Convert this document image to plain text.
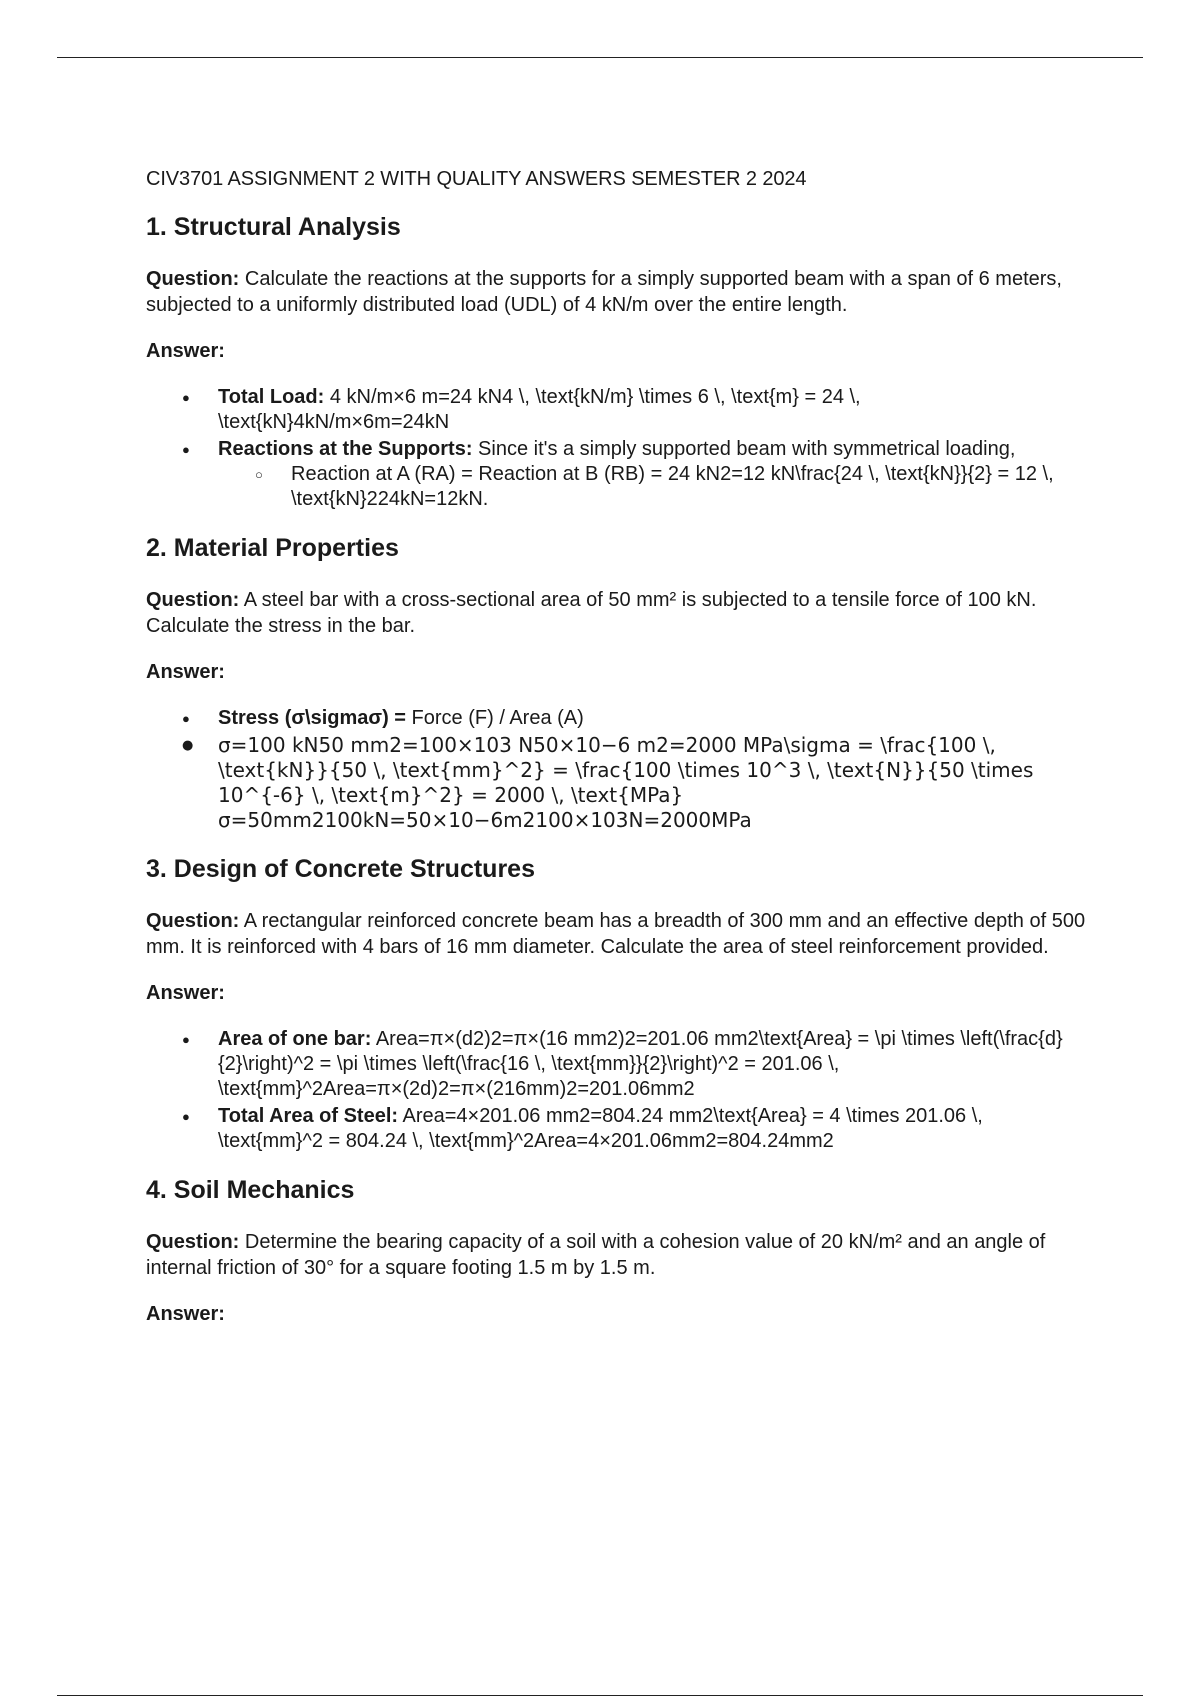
CIV3701 ASSIGNMENT 2 WITH QUALITY ANSWERS SEMESTER 2 2024
1. Structural Analysis

Question: Calculate the reactions at the supports for a simply supported beam with a span of 6 meters, subjected to a uniformly distributed load (UDL) of 4 kN/m over the entire length.

Answer:
● Total Load: 4 kN/m×6 m=24 kN4 \, \text{kN/m} \times 6 \, \text{m} = 24 \, \text{kN}4kN/m×6m=24kN
● Reactions at the Supports: Since it's a simply supported beam with symmetrical loading,
○ Reaction at A (RA) = Reaction at B (RB) = 24 kN2=12 kN\frac{24 \, \text{kN}}{2} = 12 \, \text{kN}224kN=12kN.
2. Material Properties

Question: A steel bar with a cross-sectional area of 50 mm² is subjected to a tensile force of 100 kN. Calculate the stress in the bar.

Answer:
● Stress (σ\sigmaσ) = Force (F) / Area (A)
● σ=100 kN50 mm2=100×103 N50×10−6 m2=2000 MPa\sigma = \frac{100 \, \text{kN}}{50 \, \text{mm}^2} = \frac{100 \times 10^3 \, \text{N}}{50 \times 10^{-6} \, \text{m}^2} = 2000 \, \text{MPa}σ=50mm2100kN=50×10−6m2100×103N=2000MPa
3. Design of Concrete Structures

Question: A rectangular reinforced concrete beam has a breadth of 300 mm and an effective depth of 500 mm. It is reinforced with 4 bars of 16 mm diameter. Calculate the area of steel reinforcement provided.

Answer:
● Area of one bar: Area=π×(d2)2=π×(16 mm2)2=201.06 mm2\text{Area} = \pi \times \left(\frac{d}{2}\right)^2 = \pi \times \left(\frac{16 \, \text{mm}}{2}\right)^2 = 201.06 \, \text{mm}^2Area=π×(2d)2=π×(216mm)2=201.06mm2
● Total Area of Steel: Area=4×201.06 mm2=804.24 mm2\text{Area} = 4 \times 201.06 \, \text{mm}^2 = 804.24 \, \text{mm}^2Area=4×201.06mm2=804.24mm2
4. Soil Mechanics

Question: Determine the bearing capacity of a soil with a cohesion value of 20 kN/m² and an angle of internal friction of 30° for a square footing 1.5 m by 1.5 m.

Answer:
